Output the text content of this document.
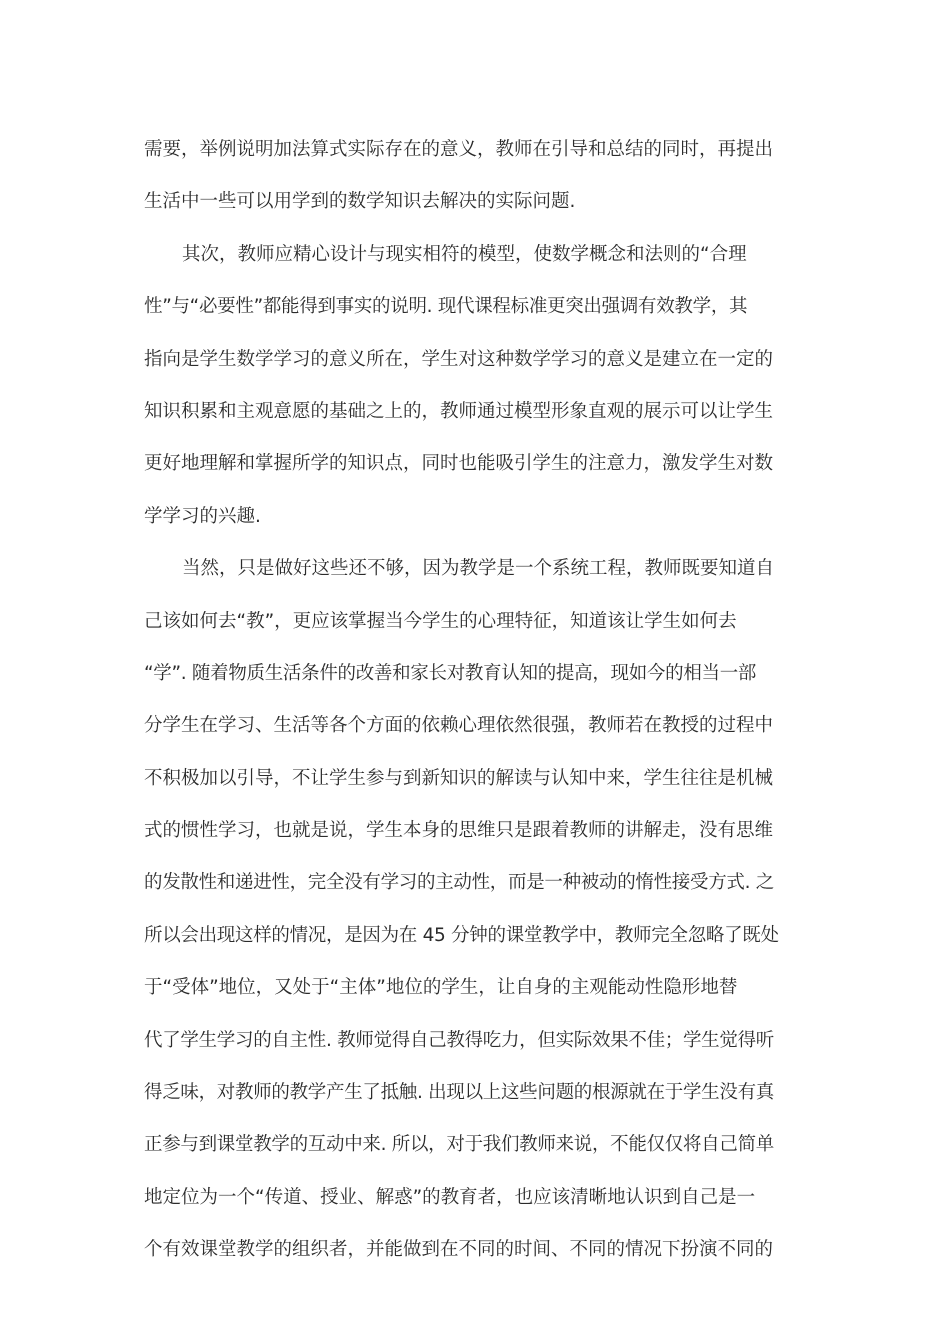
需要，举例说明加法算式实际存在的意义，教师在引导和总结的同时，再提出
生活中一些可以用学到的数学知识去解决的实际问题.
其次，教师应精心设计与现实相符的模型，使数学概念和法则的“合理
性”与“必要性”都能得到事实的说明. 现代课程标准更突出强调有效教学，其
指向是学生数学学习的意义所在，学生对这种数学学习的意义是建立在一定的
知识积累和主观意愿的基础之上的，教师通过模型形象直观的展示可以让学生
更好地理解和掌握所学的知识点，同时也能吸引学生的注意力，激发学生对数
学学习的兴趣.
当然，只是做好这些还不够，因为教学是一个系统工程，教师既要知道自
己该如何去“教”，更应该掌握当今学生的心理特征，知道该让学生如何去
“学”. 随着物质生活条件的改善和家长对教育认知的提高，现如今的相当一部
分学生在学习、生活等各个方面的依赖心理依然很强，教师若在教授的过程中
不积极加以引导，不让学生参与到新知识的解读与认知中来，学生往往是机械
式的惯性学习，也就是说，学生本身的思维只是跟着教师的讲解走，没有思维
的发散性和递进性，完全没有学习的主动性，而是一种被动的惰性接受方式. 之
所以会出现这样的情况，是因为在 45 分钟的课堂教学中，教师完全忽略了既处
于“受体”地位，又处于“主体”地位的学生，让自身的主观能动性隐形地替
代了学生学习的自主性. 教师觉得自己教得吃力，但实际效果不佳；学生觉得听
得乏味，对教师的教学产生了抵触. 出现以上这些问题的根源就在于学生没有真
正参与到课堂教学的互动中来. 所以，对于我们教师来说，不能仅仅将自己简单
地定位为一个“传道、授业、解惑”的教育者，也应该清晰地认识到自己是一
个有效课堂教学的组织者，并能做到在不同的时间、不同的情况下扮演不同的
